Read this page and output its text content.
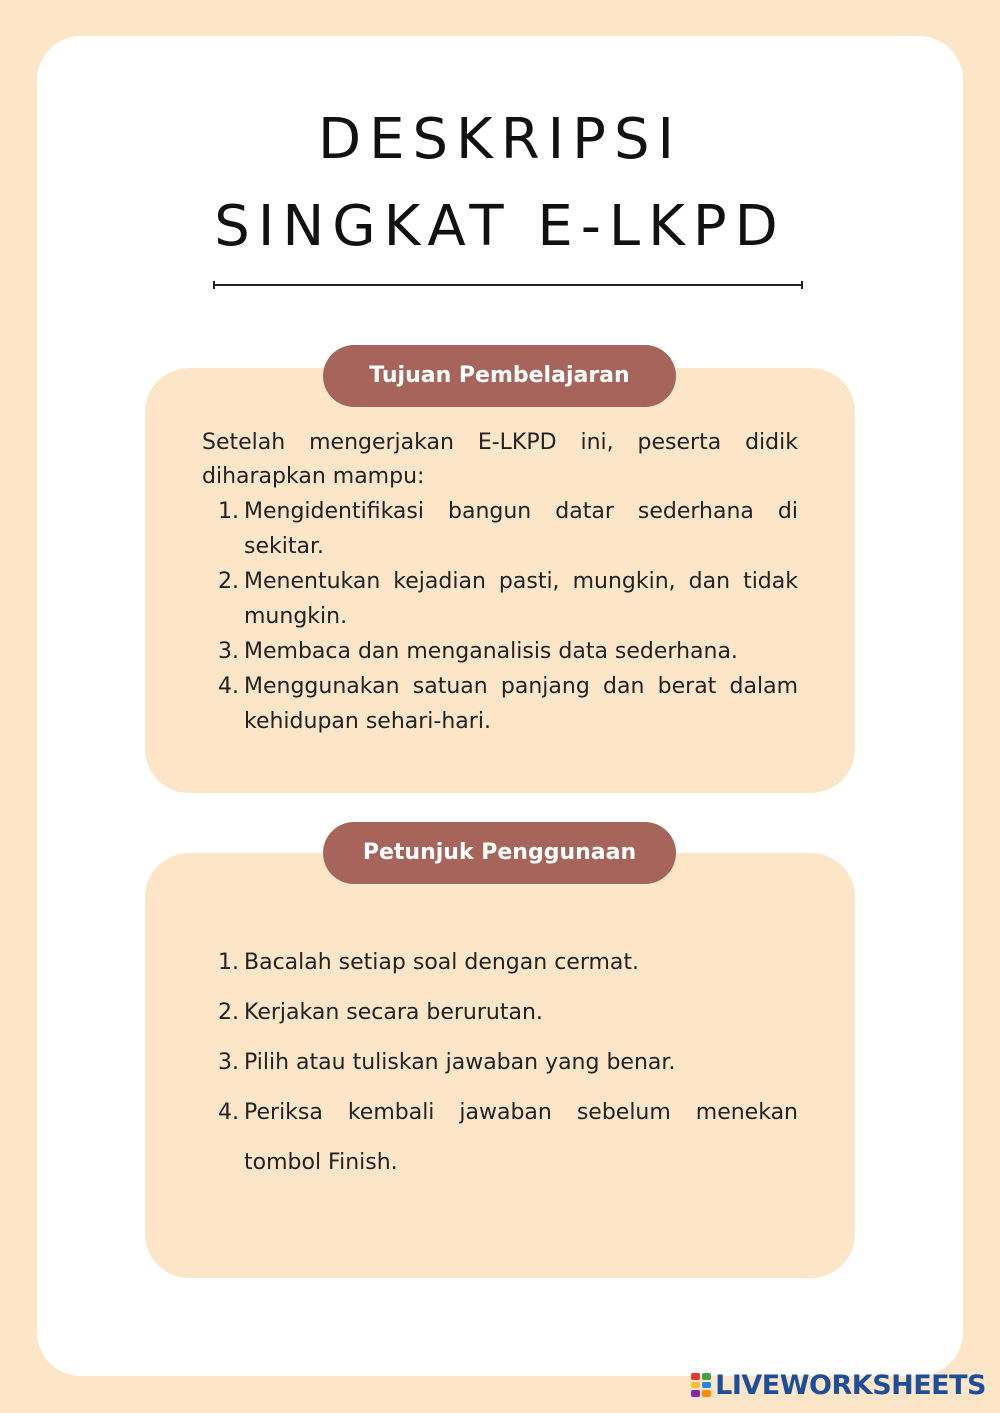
DESKRIPSI
SINGKAT E-LKPD
Tujuan Pembelajaran

Setelah mengerjakan E-LKPD ini, peserta didik diharapkan mampu:

1. Mengidentifikasi bangun datar sederhana di sekitar.
2. Menentukan kejadian pasti, mungkin, dan tidak mungkin.
3. Membaca dan menganalisis data sederhana.
4. Menggunakan satuan panjang dan berat dalam kehidupan sehari-hari.
Petunjuk Penggunaan
1. Bacalah setiap soal dengan cermat.
2. Kerjakan secara berurutan.
3. Pilih atau tuliskan jawaban yang benar.
4. Periksa kembali jawaban sebelum menekan tombol Finish.
LIVEWORKSHEETS
